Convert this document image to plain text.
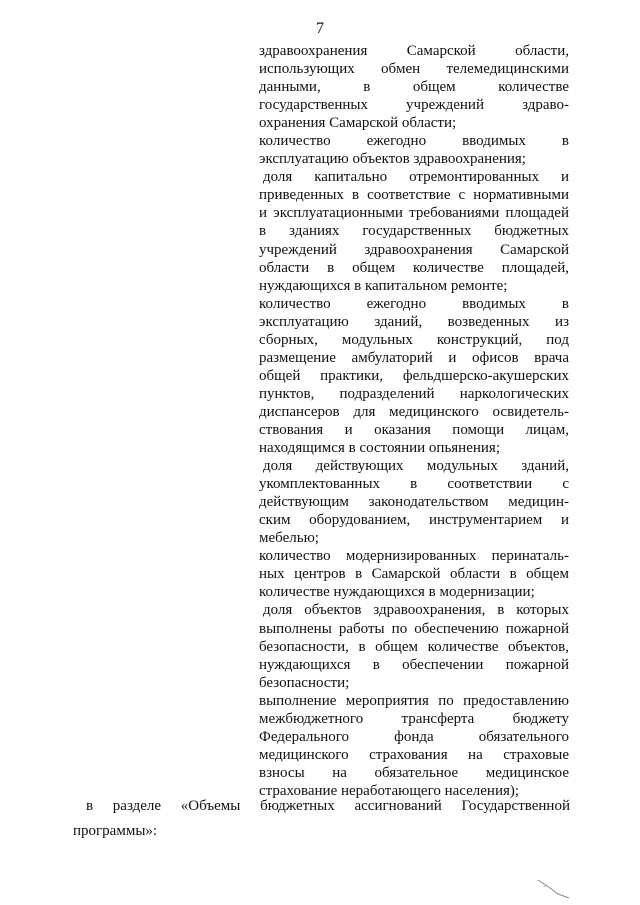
7
здравоохранения Самарской области,
использующих обмен телемедицинскими
данными, в общем количестве
государственных учреждений здраво-
охранения Самарской области;
количество ежегодно вводимых в
эксплуатацию объектов здравоохранения;
доля капитально отремонтированных и
приведенных в соответствие с нормативными
и эксплуатационными требованиями площадей
в зданиях государственных бюджетных
учреждений здравоохранения Самарской
области в общем количестве площадей,
нуждающихся в капитальном ремонте;
количество ежегодно вводимых в
эксплуатацию зданий, возведенных из
сборных, модульных конструкций, под
размещение амбулаторий и офисов врача
общей практики, фельдшерско-акушерских
пунктов, подразделений наркологических
диспансеров для медицинского освидетель-
ствования и оказания помощи лицам,
находящимся в состоянии опьянения;
доля действующих модульных зданий,
укомплектованных в соответствии с
действующим законодательством медицин-
ским оборудованием, инструментарием и
мебелью;
количество модернизированных перинаталь-
ных центров в Самарской области в общем
количестве нуждающихся в модернизации;
доля объектов здравоохранения, в которых
выполнены работы по обеспечению пожарной
безопасности, в общем количестве объектов,
нуждающихся в обеспечении пожарной
безопасности;
выполнение мероприятия по предоставлению
межбюджетного трансферта бюджету
Федерального фонда обязательного
медицинского страхования на страховые
взносы на обязательное медицинское
страхование неработающего населения);
в разделе «Объемы бюджетных ассигнований Государственной
программы»:
